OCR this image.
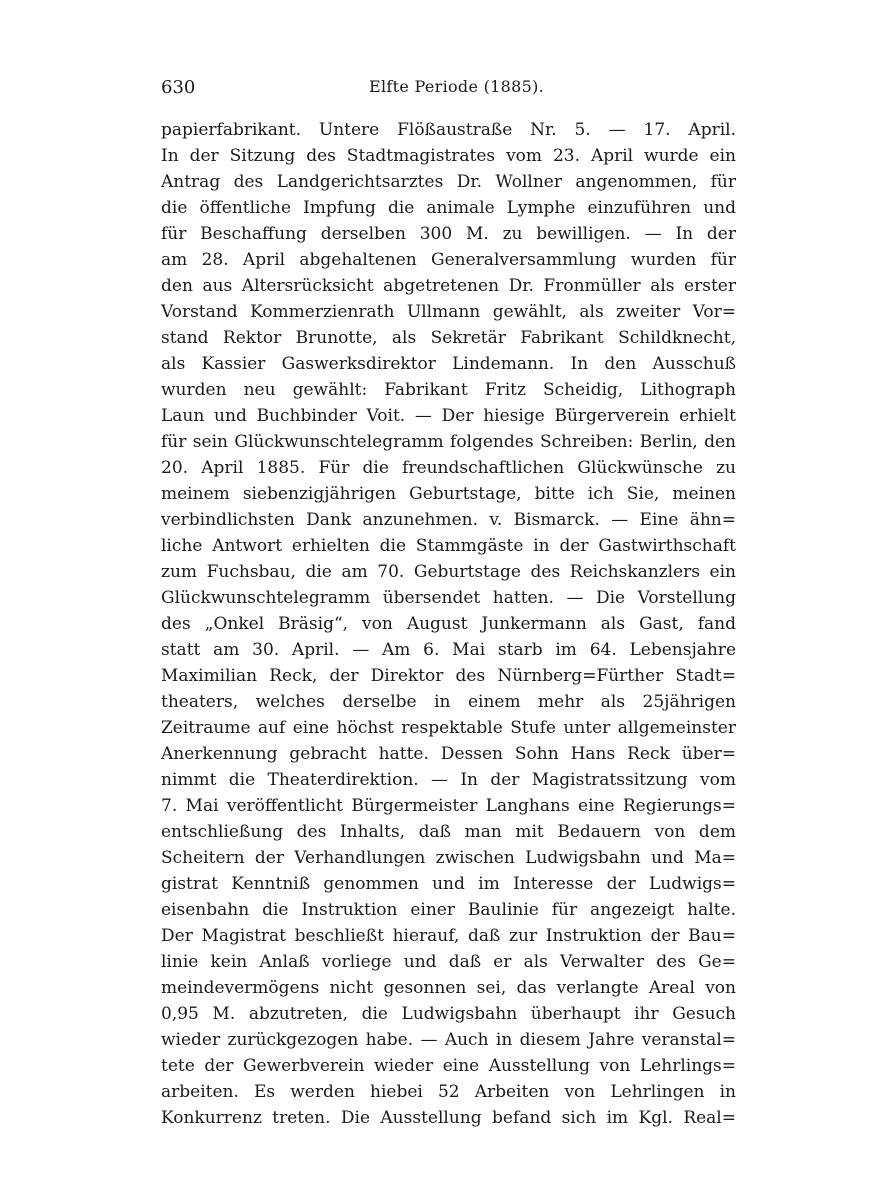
630	Elfte Periode (1885).
papierfabrikant. Untere Flößaustraße Nr. 5. — 17. April.
In der Sitzung des Stadtmagistrates vom 23. April wurde ein
Antrag des Landgerichtsarztes Dr. Wollner angenommen, für
die öffentliche Impfung die animale Lymphe einzuführen und
für Beschaffung derselben 300 M. zu bewilligen. — In der
am 28. April abgehaltenen Generalversammlung wurden für
den aus Altersrücksicht abgetretenen Dr. Fronmüller als erster
Vorstand Kommerzienrath Ullmann gewählt, als zweiter Vor=
stand Rektor Brunotte, als Sekretär Fabrikant Schildknecht,
als Kassier Gaswerksdirektor Lindemann. In den Ausschuß
wurden neu gewählt: Fabrikant Fritz Scheidig, Lithograph
Laun und Buchbinder Voit. — Der hiesige Bürgerverein erhielt
für sein Glückwunschtelegramm folgendes Schreiben: Berlin, den
20. April 1885. Für die freundschaftlichen Glückwünsche zu
meinem siebenzigjährigen Geburtstage, bitte ich Sie, meinen
verbindlichsten Dank anzunehmen. v. Bismarck. — Eine ähn=
liche Antwort erhielten die Stammgäste in der Gastwirthschaft
zum Fuchsbau, die am 70. Geburtstage des Reichskanzlers ein
Glückwunschtelegramm übersendet hatten. — Die Vorstellung
des „Onkel Bräsig“, von August Junkermann als Gast, fand
statt am 30. April. — Am 6. Mai starb im 64. Lebensjahre
Maximilian Reck, der Direktor des Nürnberg=Fürther Stadt=
theaters, welches derselbe in einem mehr als 25jährigen
Zeitraume auf eine höchst respektable Stufe unter allgemeinster
Anerkennung gebracht hatte. Dessen Sohn Hans Reck über=
nimmt die Theaterdirektion. — In der Magistratssitzung vom
7. Mai veröffentlicht Bürgermeister Langhans eine Regierungs=
entschließung des Inhalts, daß man mit Bedauern von dem
Scheitern der Verhandlungen zwischen Ludwigsbahn und Ma=
gistrat Kenntniß genommen und im Interesse der Ludwigs=
eisenbahn die Instruktion einer Baulinie für angezeigt halte.
Der Magistrat beschließt hierauf, daß zur Instruktion der Bau=
linie kein Anlaß vorliege und daß er als Verwalter des Ge=
meindevermögens nicht gesonnen sei, das verlangte Areal von
0,95 M. abzutreten, die Ludwigsbahn überhaupt ihr Gesuch
wieder zurückgezogen habe. — Auch in diesem Jahre veranstal=
tete der Gewerbverein wieder eine Ausstellung von Lehrlings=
arbeiten. Es werden hiebei 52 Arbeiten von Lehrlingen in
Konkurrenz treten. Die Ausstellung befand sich im Kgl. Real=
